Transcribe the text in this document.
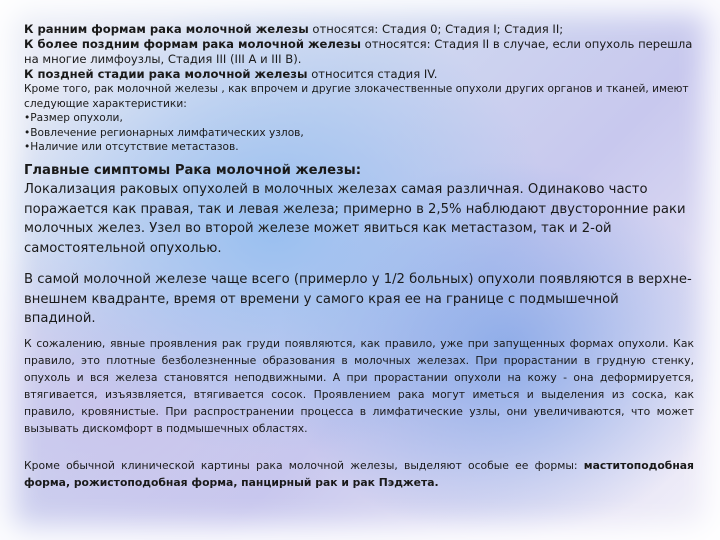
К ранним формам рака молочной железы относятся: Стадия 0; Стадия I; Стадия II;

К более поздним формам рака молочной железы относятся: Стадия II в случае, если опухоль перешла на многие лимфоузлы, Стадия III (III A и III B).

К поздней стадии рака молочной железы относится стадия IV.

Кроме того, рак молочной железы , как впрочем и другие злокачественные опухоли других органов и тканей, имеют следующие характеристики:

•Размер опухоли,

•Вовлечение регионарных лимфатических узлов,

•Наличие или отсутствие метастазов.

Главные симптомы Рака молочной железы:

Локализация раковых опухолей в молочных железах самая различная. Одинаково часто поражается как правая, так и левая железа; примерно в 2,5% наблюдают двусторонние раки молочных желез. Узел во второй железе может явиться как метастазом, так и 2-ой самостоятельной опухолью.

В самой молочной железе чаще всего (примерло у 1/2 больных) опухоли появляются в верхне-внешнем квадранте, время от времени у самого края ее на границе с подмышечной впадиной.

К сожалению, явные проявления рак груди появляются, как правило, уже при запущенных формах опухоли. Как правило, это плотные безболезненные образования в молочных железах. При прорастании в грудную стенку, опухоль и вся железа становятся неподвижными. А при прорастании опухоли на кожу - она деформируется, втягивается, изъязвляется, втягивается сосок. Проявлением рака могут иметься и выделения из соска, как правило, кровянистые. При распространении процесса в лимфатические узлы, они увеличиваются, что может вызывать дискомфорт в подмышечных областях.

Кроме обычной клинической картины рака молочной железы, выделяют особые ее формы: маститоподобная форма, рожистоподобная форма, панцирный рак и рак Пэджета.
